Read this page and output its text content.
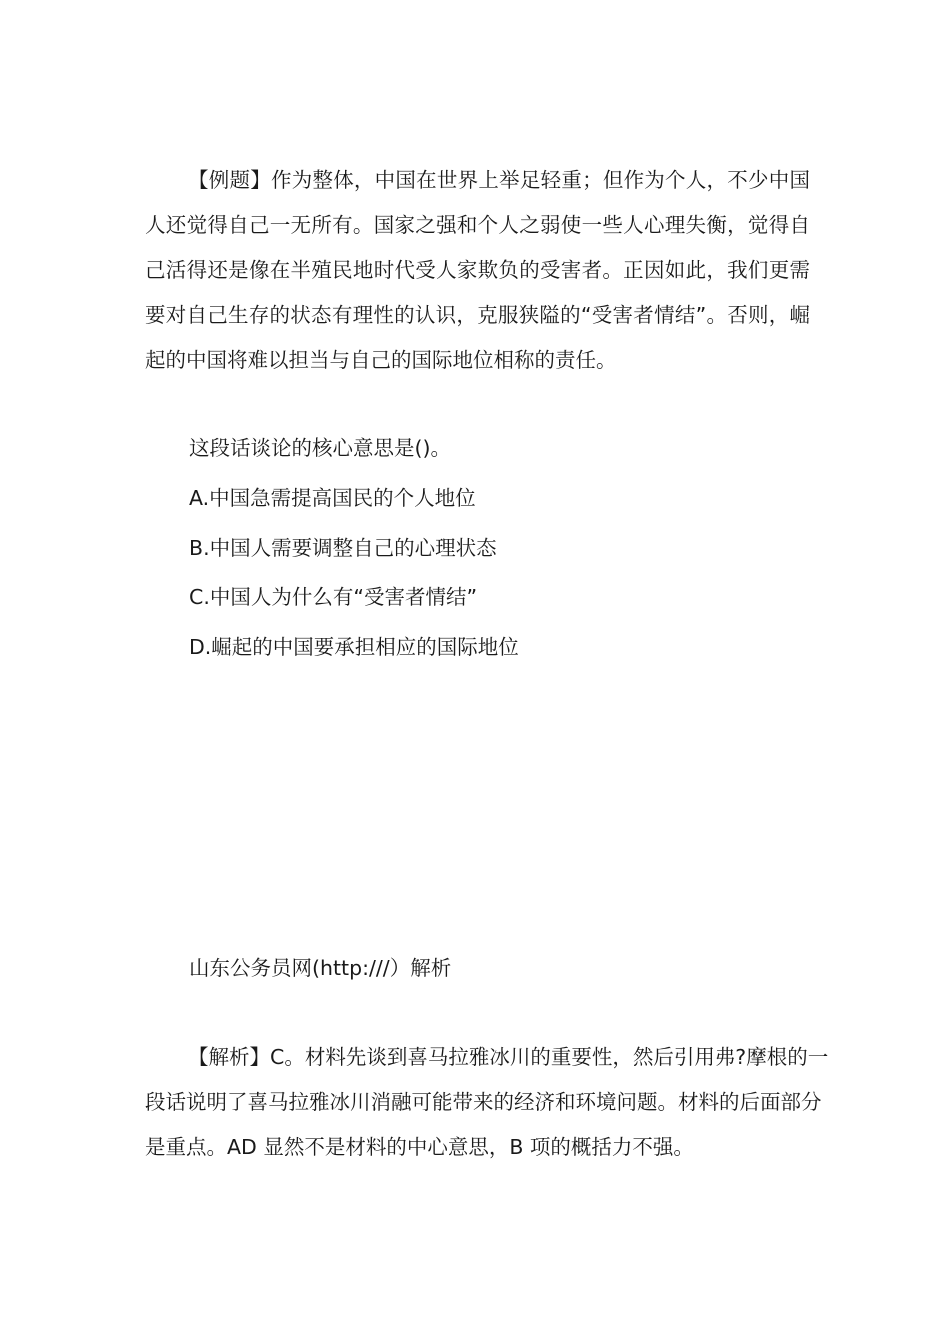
【例题】作为整体，中国在世界上举足轻重；但作为个人，不少中国人还觉得自己一无所有。国家之强和个人之弱使一些人心理失衡，觉得自己活得还是像在半殖民地时代受人家欺负的受害者。正因如此，我们更需要对自己生存的状态有理性的认识，克服狭隘的“受害者情结”。否则，崛起的中国将难以担当与自己的国际地位相称的责任。

这段话谈论的核心意思是()。

A.中国急需提高国民的个人地位

B.中国人需要调整自己的心理状态

C.中国人为什么有“受害者情结”

D.崛起的中国要承担相应的国际地位

山东公务员网(http:///）解析

【解析】C。材料先谈到喜马拉雅冰川的重要性，然后引用弗?摩根的一段话说明了喜马拉雅冰川消融可能带来的经济和环境问题。材料的后面部分是重点。AD 显然不是材料的中心意思，B 项的概括力不强。
